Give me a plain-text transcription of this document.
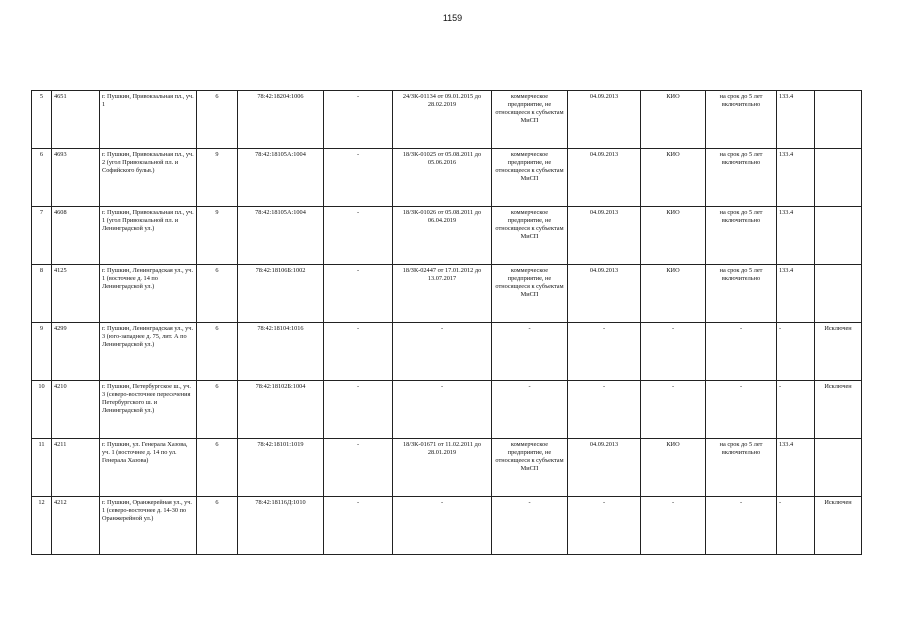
1159
5	4651	г. Пушкин, Привокзальная пл., уч. 1	6	78:42:18204:1006	-	24/ЗК-01134 от 09.01.2015 до 28.02.2019	коммерческое предприятие, не относящееся к субъектам МиСП	04.09.2013	КИО	на срок до 5 лет включительно	133.4	
6	4693	г. Пушкин, Привокзальная пл., уч. 2 (угол Привокзальной пл. и Софийского бульв.)	9	78:42:18105А:1004	-	18/ЗК-01025 от 05.08.2011 до 05.06.2016	коммерческое предприятие, не относящееся к субъектам МиСП	04.09.2013	КИО	на срок до 5 лет включительно	133.4	
7	4608	г. Пушкин, Привокзальная пл., уч. 1 (угол Привокзальной пл. и Ленинградской ул.)	9	78:42:18105А:1004	-	18/ЗК-01026 от 05.08.2011 до 06.04.2019	коммерческое предприятие, не относящееся к субъектам МиСП	04.09.2013	КИО	на срок до 5 лет включительно	133.4	
8	4125	г. Пушкин, Ленинградская ул., уч. 1 (восточнее д. 14 по Ленинградской ул.)	6	78:42:18106Б:1002	-	18/ЗК-02447 от 17.01.2012 до 13.07.2017	коммерческое предприятие, не относящееся к субъектам МиСП	04.09.2013	КИО	на срок до 5 лет включительно	133.4	
9	4299	г. Пушкин, Ленинградская ул., уч. 3 (юго-западнее д. 75, лит. А по Ленинградской ул.)	6	78:42:18104:1016	-	-	-	-	-	-	-	Исключен
10	4210	г. Пушкин, Петербургское ш., уч. 3 (северо-восточнее пересечения Петербургского ш. и Ленинградской ул.)	6	78:42:18102Б:1004	-	-	-	-	-	-	-	Исключен
11	4211	г. Пушкин, ул. Генерала Хазова, уч. 1 (восточнее д. 14 по ул. Генерала Хазова)	6	78:42:18101:1019	-	18/ЗК-01671 от 11.02.2011 до 28.01.2019	коммерческое предприятие, не относящееся к субъектам МиСП	04.09.2013	КИО	на срок до 5 лет включительно	133.4	
12	4212	г. Пушкин, Оранжерейная ул., уч. 1 (северо-восточнее д. 14-30 по Оранжерейной ул.)	6	78:42:18116Д:1010	-	-	-	-	-	-	-	Исключен
